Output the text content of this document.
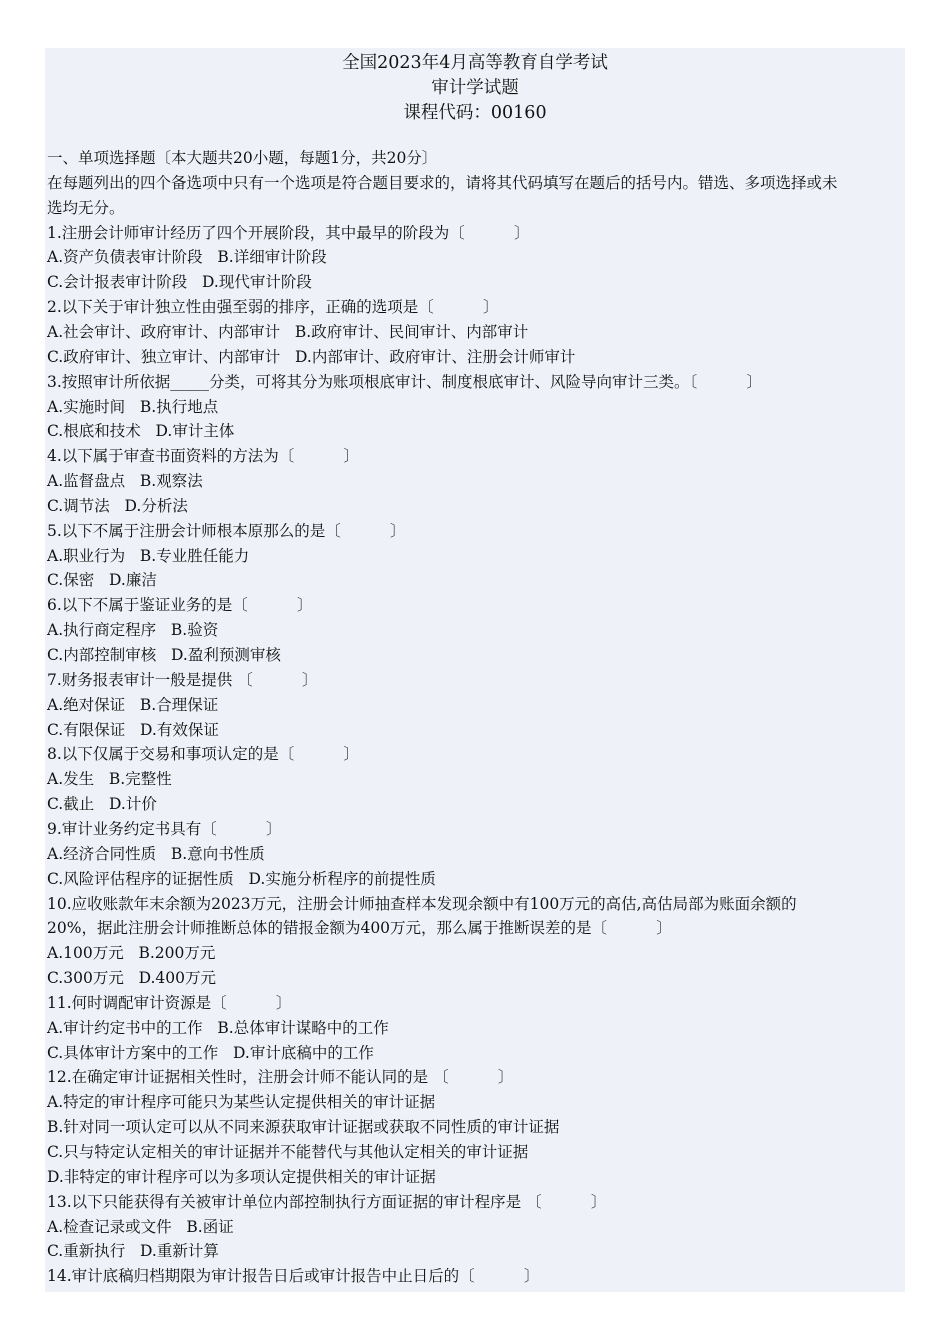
全国2023年4月高等教育自学考试
审计学试题
课程代码：00160
一、单项选择题〔本大题共20小题，每题1分，共20分〕
在每题列出的四个备选项中只有一个选项是符合题目要求的，请将其代码填写在题后的括号内。错选、多项选择或未
选均无分。
1.注册会计师审计经历了四个开展阶段，其中最早的阶段为〔          〕
A.资产负债表审计阶段   B.详细审计阶段
C.会计报表审计阶段   D.现代审计阶段
2.以下关于审计独立性由强至弱的排序，正确的选项是〔          〕
A.社会审计、政府审计、内部审计   B.政府审计、民间审计、内部审计
C.政府审计、独立审计、内部审计   D.内部审计、政府审计、注册会计师审计
3.按照审计所依据_____分类，可将其分为账项根底审计、制度根底审计、风险导向审计三类。〔          〕
A.实施时间   B.执行地点
C.根底和技术   D.审计主体
4.以下属于审查书面资料的方法为〔          〕
A.监督盘点   B.观察法
C.调节法   D.分析法
5.以下不属于注册会计师根本原那么的是〔          〕
A.职业行为   B.专业胜任能力
C.保密   D.廉洁
6.以下不属于鉴证业务的是〔          〕
A.执行商定程序   B.验资
C.内部控制审核   D.盈利预测审核
7.财务报表审计一般是提供 〔          〕
A.绝对保证   B.合理保证
C.有限保证   D.有效保证
8.以下仅属于交易和事项认定的是〔          〕
A.发生   B.完整性
C.截止   D.计价
9.审计业务约定书具有〔          〕
A.经济合同性质   B.意向书性质
C.风险评估程序的证据性质   D.实施分析程序的前提性质
10.应收账款年末余额为2023万元，注册会计师抽查样本发现余额中有100万元的高估,高估局部为账面余额的
20%，据此注册会计师推断总体的错报金额为400万元，那么属于推断误差的是〔          〕
A.100万元   B.200万元
C.300万元   D.400万元
11.何时调配审计资源是〔          〕
A.审计约定书中的工作   B.总体审计谋略中的工作
C.具体审计方案中的工作   D.审计底稿中的工作
12.在确定审计证据相关性时，注册会计师不能认同的是 〔          〕
A.特定的审计程序可能只为某些认定提供相关的审计证据
B.针对同一项认定可以从不同来源获取审计证据或获取不同性质的审计证据
C.只与特定认定相关的审计证据并不能替代与其他认定相关的审计证据
D.非特定的审计程序可以为多项认定提供相关的审计证据
13.以下只能获得有关被审计单位内部控制执行方面证据的审计程序是 〔          〕
A.检查记录或文件   B.函证
C.重新执行   D.重新计算
14.审计底稿归档期限为审计报告日后或审计报告中止日后的〔          〕
